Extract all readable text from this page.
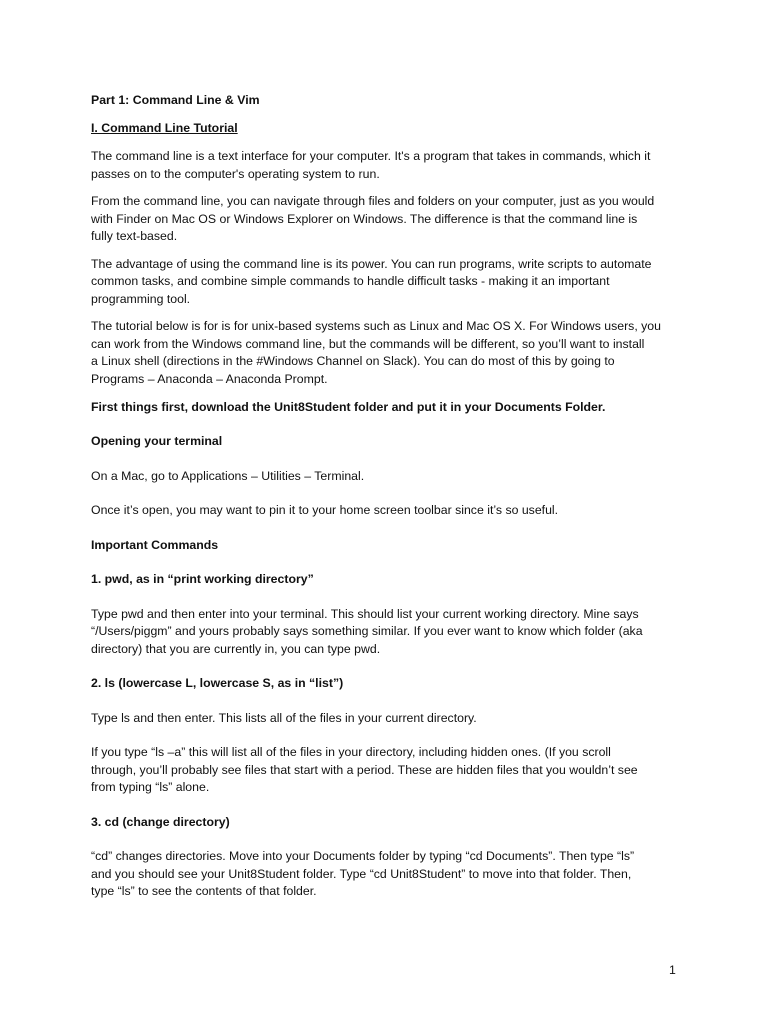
Part 1: Command Line & Vim

I. Command Line Tutorial

The command line is a text interface for your computer. It's a program that takes in commands, which it
passes on to the computer's operating system to run.

From the command line, you can navigate through files and folders on your computer, just as you would
with Finder on Mac OS or Windows Explorer on Windows. The difference is that the command line is
fully text-based.

The advantage of using the command line is its power. You can run programs, write scripts to automate
common tasks, and combine simple commands to handle difficult tasks - making it an important
programming tool.

The tutorial below is for is for unix-based systems such as Linux and Mac OS X. For Windows users, you
can work from the Windows command line, but the commands will be different, so you’ll want to install
a Linux shell (directions in the #Windows Channel on Slack). You can do most of this by going to
Programs – Anaconda – Anaconda Prompt.

First things first, download the Unit8Student folder and put it in your Documents Folder.

Opening your terminal

On a Mac, go to Applications – Utilities – Terminal.

Once it’s open, you may want to pin it to your home screen toolbar since it’s so useful.

Important Commands

1. pwd, as in “print working directory”

Type pwd and then enter into your terminal. This should list your current working directory. Mine says
“/Users/piggm” and yours probably says something similar. If you ever want to know which folder (aka
directory) that you are currently in, you can type pwd.

2. ls (lowercase L, lowercase S, as in “list”)

Type ls and then enter. This lists all of the files in your current directory.

If you type “ls –a” this will list all of the files in your directory, including hidden ones. (If you scroll
through, you’ll probably see files that start with a period. These are hidden files that you wouldn’t see
from typing “ls” alone.

3. cd (change directory)

“cd” changes directories. Move into your Documents folder by typing “cd Documents”. Then type “ls”
and you should see your Unit8Student folder. Type “cd Unit8Student” to move into that folder. Then,
type “ls” to see the contents of that folder.

1
